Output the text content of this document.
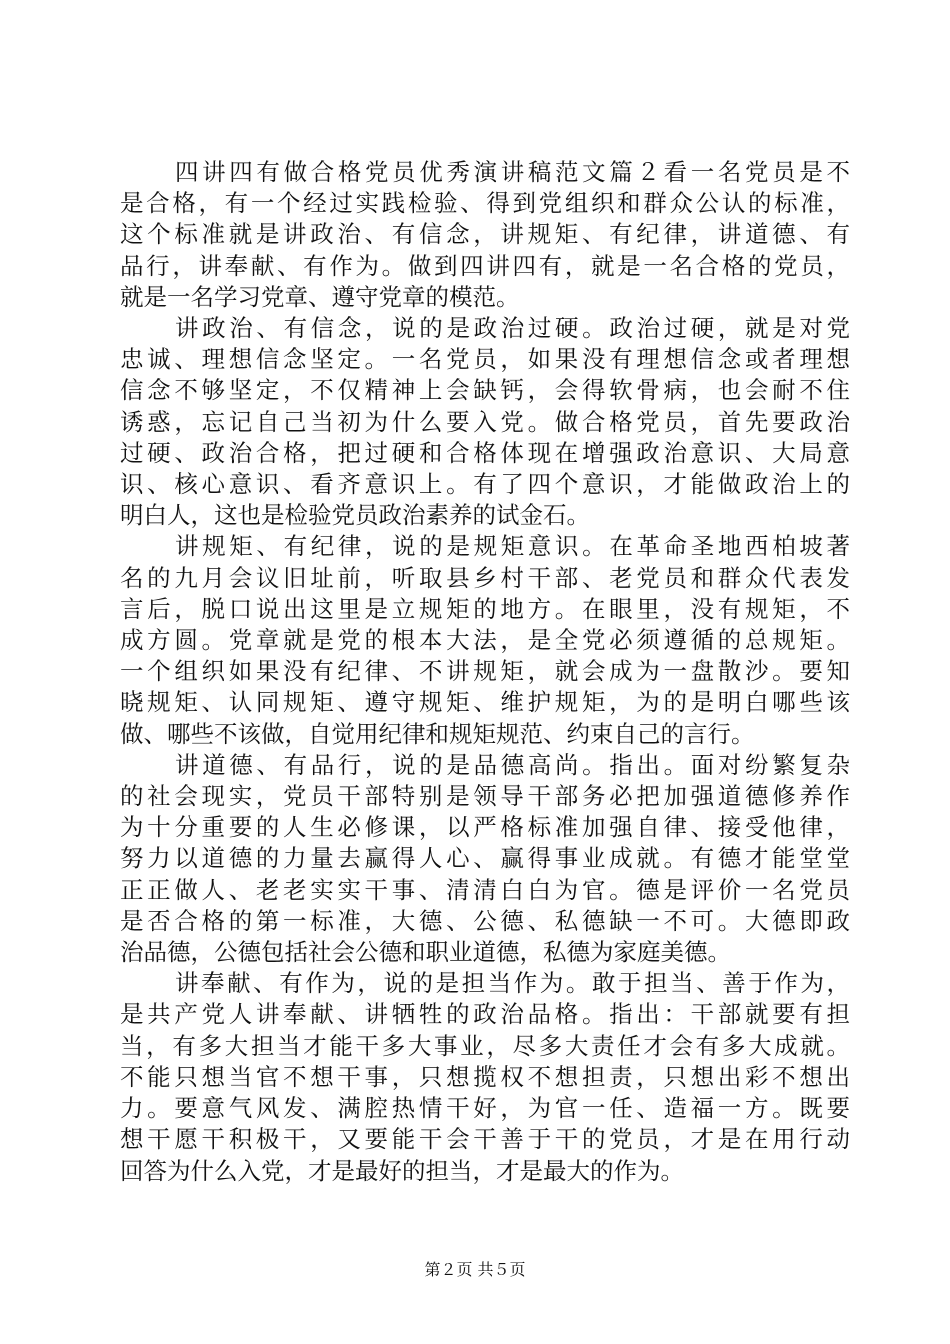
四讲四有做合格党员优秀演讲稿范文篇２看一名党员是不

是合格，有一个经过实践检验、得到党组织和群众公认的标准，

这个标准就是讲政治、有信念，讲规矩、有纪律，讲道德、有

品行，讲奉献、有作为。做到四讲四有，就是一名合格的党员，

就是一名学习党章、遵守党章的模范。

讲政治、有信念，说的是政治过硬。政治过硬，就是对党

忠诚、理想信念坚定。一名党员，如果没有理想信念或者理想

信念不够坚定，不仅精神上会缺钙，会得软骨病，也会耐不住

诱惑，忘记自己当初为什么要入党。做合格党员，首先要政治

过硬、政治合格，把过硬和合格体现在增强政治意识、大局意

识、核心意识、看齐意识上。有了四个意识，才能做政治上的

明白人，这也是检验党员政治素养的试金石。

讲规矩、有纪律，说的是规矩意识。在革命圣地西柏坡著

名的九月会议旧址前，听取县乡村干部、老党员和群众代表发

言后，脱口说出这里是立规矩的地方。在眼里，没有规矩，不

成方圆。党章就是党的根本大法，是全党必须遵循的总规矩。

一个组织如果没有纪律、不讲规矩，就会成为一盘散沙。要知

晓规矩、认同规矩、遵守规矩、维护规矩，为的是明白哪些该

做、哪些不该做，自觉用纪律和规矩规范、约束自己的言行。

讲道德、有品行，说的是品德高尚。指出。面对纷繁复杂

的社会现实，党员干部特别是领导干部务必把加强道德修养作

为十分重要的人生必修课，以严格标准加强自律、接受他律，

努力以道德的力量去赢得人心、赢得事业成就。有德才能堂堂

正正做人、老老实实干事、清清白白为官。德是评价一名党员

是否合格的第一标准，大德、公德、私德缺一不可。大德即政

治品德，公德包括社会公德和职业道德，私德为家庭美德。

讲奉献、有作为，说的是担当作为。敢于担当、善于作为，

是共产党人讲奉献、讲牺牲的政治品格。指出：干部就要有担

当，有多大担当才能干多大事业，尽多大责任才会有多大成就。

不能只想当官不想干事，只想揽权不想担责，只想出彩不想出

力。要意气风发、满腔热情干好，为官一任、造福一方。既要

想干愿干积极干，又要能干会干善于干的党员，才是在用行动

回答为什么入党，才是最好的担当，才是最大的作为。

第２页 共５页
